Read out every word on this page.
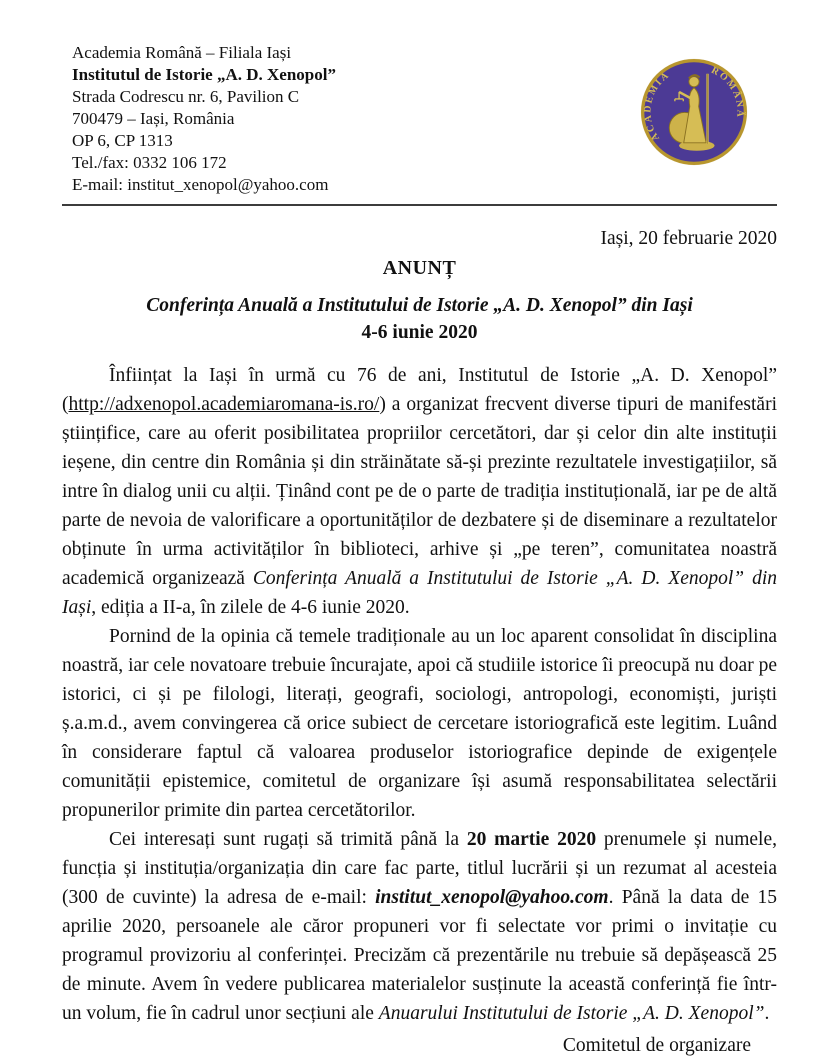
Academia Română – Filiala Iași
Institutul de Istorie „A. D. Xenopol”
Strada Codrescu nr. 6, Pavilion C
700479 – Iași, România
OP 6, CP 1313
Tel./fax: 0332 106 172
E-mail: institut_xenopol@yahoo.com
ACADEMIA	ROMÂNĂ
Iași, 20 februarie 2020
ANUNȚ
Conferința Anuală a Institutului de Istorie „A. D. Xenopol” din Iași
4-6 iunie 2020

Înființat la Iași în urmă cu 76 de ani, Institutul de Istorie „A. D. Xenopol” (http://adxenopol.academiaromana-is.ro/) a organizat frecvent diverse tipuri de manifestări științifice, care au oferit posibilitatea propriilor cercetători, dar și celor din alte instituții ieșene, din centre din România și din străinătate să-și prezinte rezultatele investigațiilor, să intre în dialog unii cu alții. Ținând cont pe de o parte de tradiția instituțională, iar pe de altă parte de nevoia de valorificare a oportunităților de dezbatere și de diseminare a rezultatelor obținute în urma activităților în biblioteci, arhive și „pe teren”, comunitatea noastră academică organizează Conferința Anuală a Institutului de Istorie „A. D. Xenopol” din Iași, ediția a II-a, în zilele de 4-6 iunie 2020.

Pornind de la opinia că temele tradiționale au un loc aparent consolidat în disciplina noastră, iar cele novatoare trebuie încurajate, apoi că studiile istorice îi preocupă nu doar pe istorici, ci și pe filologi, literați, geografi, sociologi, antropologi, economiști, juriști ș.a.m.d., avem convingerea că orice subiect de cercetare istoriografică este legitim. Luând în considerare faptul că valoarea produselor istoriografice depinde de exigențele comunității epistemice, comitetul de organizare își asumă responsabilitatea selectării propunerilor primite din partea cercetătorilor.

Cei interesați sunt rugați să trimită până la 20 martie 2020 prenumele și numele, funcția și instituția/organizația din care fac parte, titlul lucrării și un rezumat al acesteia (300 de cuvinte) la adresa de e-mail: institut_xenopol@yahoo.com. Până la data de 15 aprilie 2020, persoanele ale căror propuneri vor fi selectate vor primi o invitație cu programul provizoriu al conferinței. Precizăm că prezentările nu trebuie să depășească 25 de minute. Avem în vedere publicarea materialelor susținute la această conferință fie într-un volum, fie în cadrul unor secțiuni ale Anuarului Institutului de Istorie „A. D. Xenopol”.

Comitetul de organizare
